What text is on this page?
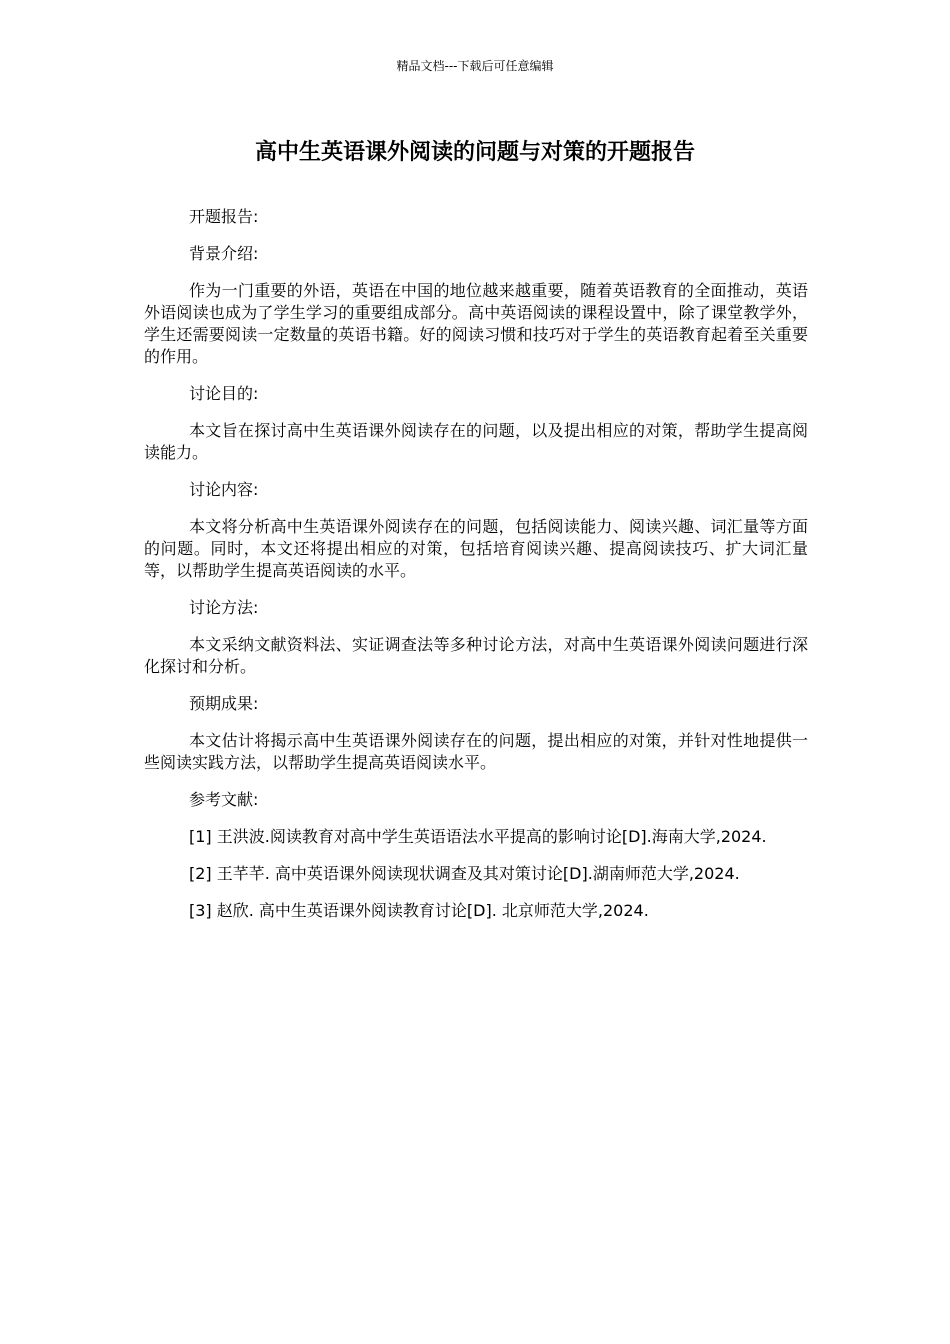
精品文档---下载后可任意编辑
高中生英语课外阅读的问题与对策的开题报告

开题报告:

背景介绍:

作为一门重要的外语，英语在中国的地位越来越重要，随着英语教育的全面推动，英语外语阅读也成为了学生学习的重要组成部分。高中英语阅读的课程设置中，除了课堂教学外，学生还需要阅读一定数量的英语书籍。好的阅读习惯和技巧对于学生的英语教育起着至关重要的作用。

讨论目的:

本文旨在探讨高中生英语课外阅读存在的问题，以及提出相应的对策，帮助学生提高阅读能力。

讨论内容:

本文将分析高中生英语课外阅读存在的问题，包括阅读能力、阅读兴趣、词汇量等方面的问题。同时，本文还将提出相应的对策，包括培育阅读兴趣、提高阅读技巧、扩大词汇量等，以帮助学生提高英语阅读的水平。

讨论方法:

本文采纳文献资料法、实证调查法等多种讨论方法，对高中生英语课外阅读问题进行深化探讨和分析。

预期成果:

本文估计将揭示高中生英语课外阅读存在的问题，提出相应的对策，并针对性地提供一些阅读实践方法，以帮助学生提高英语阅读水平。

参考文献:

[1] 王洪波.阅读教育对高中学生英语语法水平提高的影响讨论[D].海南大学,2024.

[2] 王芊芊. 高中英语课外阅读现状调查及其对策讨论[D].湖南师范大学,2024.

[3] 赵欣. 高中生英语课外阅读教育讨论[D]. 北京师范大学,2024.
